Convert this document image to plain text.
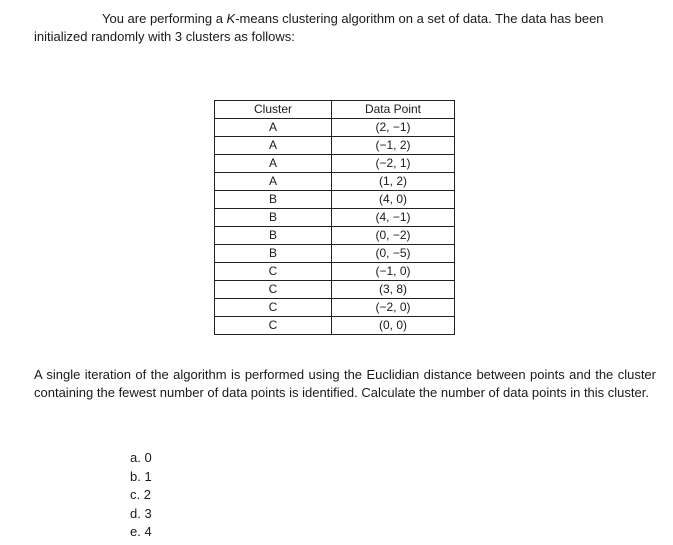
You are performing a K-means clustering algorithm on a set of data. The data has been initialized randomly with 3 clusters as follows:
Cluster	Data Point
A	(2, −1)
A	(−1, 2)
A	(−2, 1)
A	(1, 2)
B	(4, 0)
B	(4, −1)
B	(0, −2)
B	(0, −5)
C	(−1, 0)
C	(3, 8)
C	(−2, 0)
C	(0, 0)
A single iteration of the algorithm is performed using the Euclidian distance between points and the cluster containing the fewest number of data points is identified. Calculate the number of data points in this cluster.
a. 0
b. 1
c. 2
d. 3
e. 4
